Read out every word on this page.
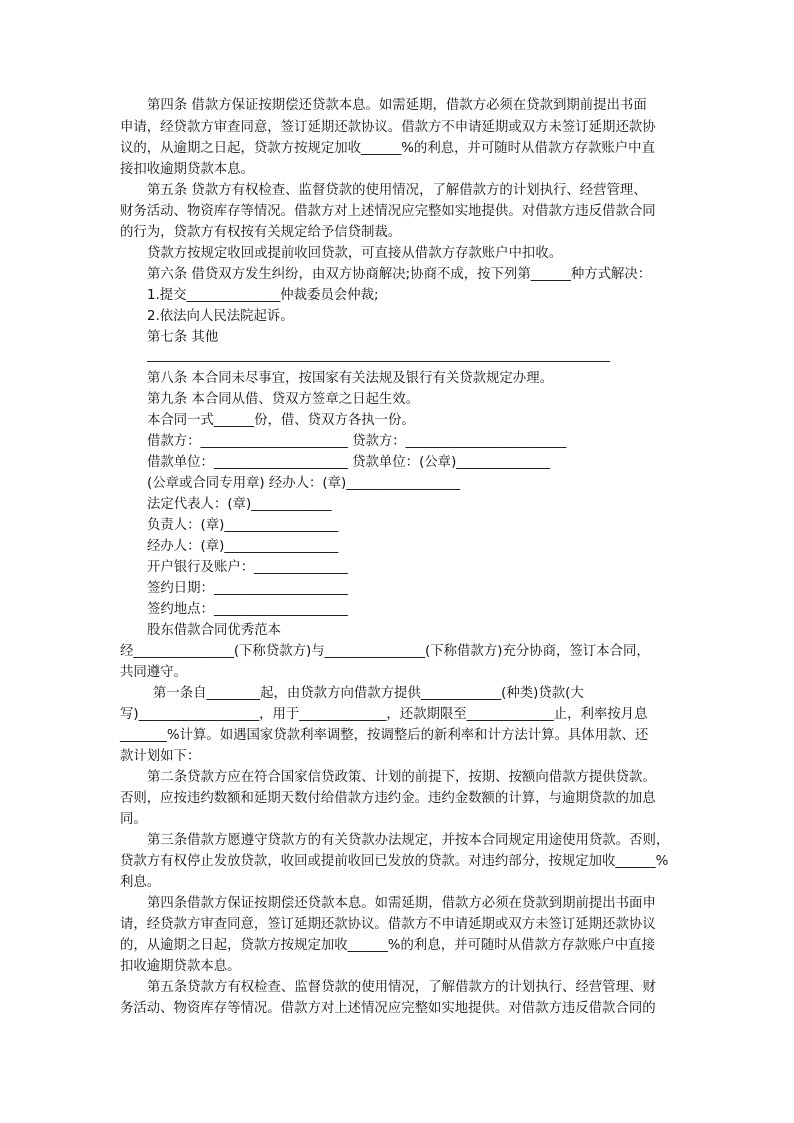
第四条 借款方保证按期偿还贷款本息。如需延期，借款方必须在贷款到期前提出书面
申请，经贷款方审查同意，签订延期还款协议。借款方不申请延期或双方未签订延期还款协
议的，从逾期之日起，贷款方按规定加收______%的利息，并可随时从借款方存款账户中直
接扣收逾期贷款本息。
第五条 贷款方有权检查、监督贷款的使用情况，了解借款方的计划执行、经营管理、
财务活动、物资库存等情况。借款方对上述情况应完整如实地提供。对借款方违反借款合同
的行为，贷款方有权按有关规定给予信贷制裁。
贷款方按规定收回或提前收回贷款，可直接从借款方存款账户中扣收。
第六条 借贷双方发生纠纷，由双方协商解决;协商不成，按下列第______种方式解决：
1.提交______________仲裁委员会仲裁;
2.依法向人民法院起诉。
第七条 其他
第八条 本合同未尽事宜，按国家有关法规及银行有关贷款规定办理。
第九条 本合同从借、贷双方签章之日起生效。
本合同一式______份，借、贷双方各执一份。
借款方：______________________ 贷款方：________________________
借款单位：____________________ 贷款单位：(公章)______________
(公章或合同专用章) 经办人：(章)_________________
法定代表人：(章)____________
负责人：(章)_________________
经办人：(章)_________________
开户银行及账户：______________
签约日期：____________________
签约地点：____________________
股东借款合同优秀范本
经_______________(下称贷款方)与_______________(下称借款方)充分协商，签订本合同，
共同遵守。
第一条自________起，由贷款方向借款方提供____________(种类)贷款(大
写)__________________，用于_____________，还款期限至_____________止，利率按月息
_______%计算。如遇国家贷款利率调整，按调整后的新利率和计方法计算。具体用款、还
款计划如下：
第二条贷款方应在符合国家信贷政策、计划的前提下，按期、按额向借款方提供贷款。
否则，应按违约数额和延期天数付给借款方违约金。违约金数额的计算，与逾期贷款的加息
同。
第三条借款方愿遵守贷款方的有关贷款办法规定，并按本合同规定用途使用贷款。否则，
贷款方有权停止发放贷款，收回或提前收回已发放的贷款。对违约部分，按规定加收______%
利息。
第四条借款方保证按期偿还贷款本息。如需延期，借款方必须在贷款到期前提出书面申
请，经贷款方审查同意，签订延期还款协议。借款方不申请延期或双方未签订延期还款协议
的，从逾期之日起，贷款方按规定加收______%的利息，并可随时从借款方存款账户中直接
扣收逾期贷款本息。
第五条贷款方有权检查、监督贷款的使用情况，了解借款方的计划执行、经营管理、财
务活动、物资库存等情况。借款方对上述情况应完整如实地提供。对借款方违反借款合同的
